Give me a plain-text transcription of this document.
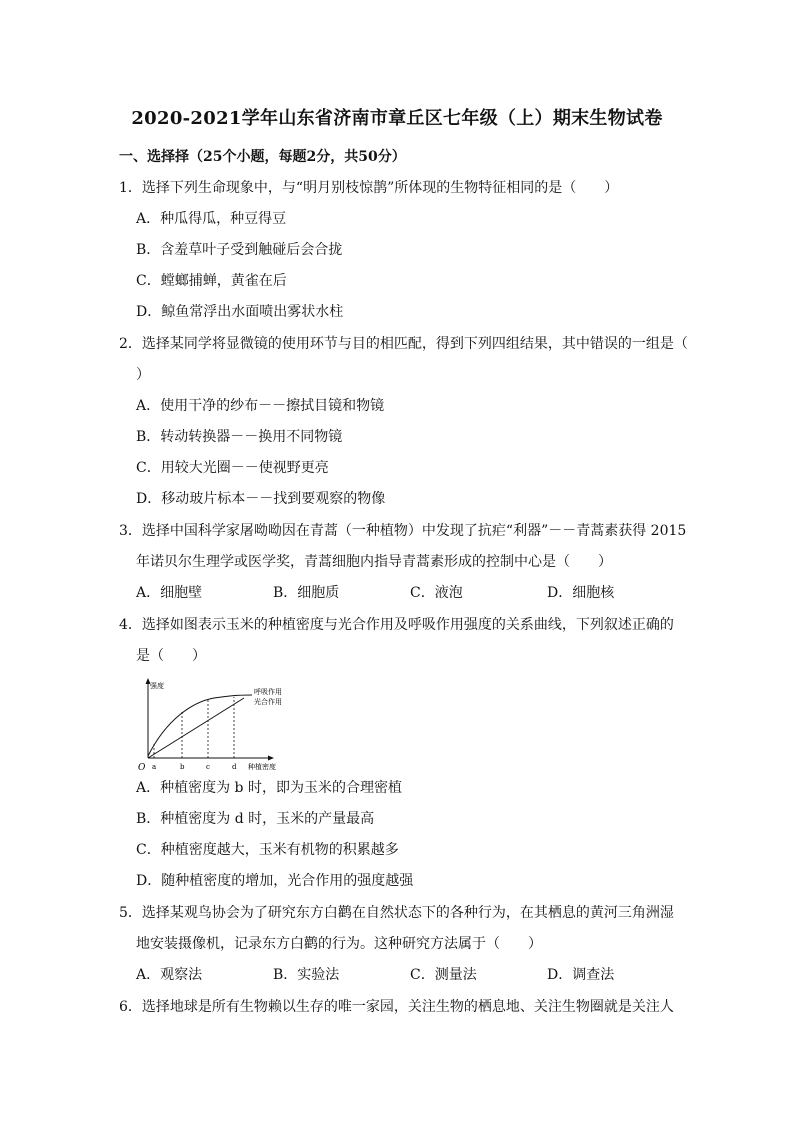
2020-2021学年山东省济南市章丘区七年级（上）期末生物试卷
一、选择择（25个小题，每题2分，共50分）
1．选择下列生命现象中，与“明月别枝惊鹊”所体现的生物特征相同的是（　　）
A．种瓜得瓜，种豆得豆
B．含羞草叶子受到触碰后会合拢
C．螳螂捕蝉，黄雀在后
D．鲸鱼常浮出水面喷出雾状水柱
2．选择某同学将显微镜的使用环节与目的相匹配，得到下列四组结果，其中错误的一组是（
）
A．使用干净的纱布－－擦拭目镜和物镜
B．转动转换器－－换用不同物镜
C．用较大光圈－－使视野更亮
D．移动玻片标本－－找到要观察的物像
3．选择中国科学家屠呦呦因在青蒿（一种植物）中发现了抗疟“利器”－－青蒿素获得 2015
年诺贝尔生理学或医学奖，青蒿细胞内指导青蒿素形成的控制中心是（　　）
A．细胞壁	B．细胞质	C．液泡	D．细胞核
4．选择如图表示玉米的种植密度与光合作用及呼吸作用强度的关系曲线，下列叙述正确的
是（　　）
强度
O a	b	c	d 种植密度
呼吸作用
光合作用
A．种植密度为 b 时，即为玉米的合理密植
B．种植密度为 d 时，玉米的产量最高
C．种植密度越大，玉米有机物的积累越多
D．随种植密度的增加，光合作用的强度越强
5．选择某观鸟协会为了研究东方白鹳在自然状态下的各种行为，在其栖息的黄河三角洲湿
地安装摄像机，记录东方白鹳的行为。这种研究方法属于（　　）
A．观察法	B．实验法	C．测量法	D．调查法
6．选择地球是所有生物赖以生存的唯一家园，关注生物的栖息地、关注生物圈就是关注人
